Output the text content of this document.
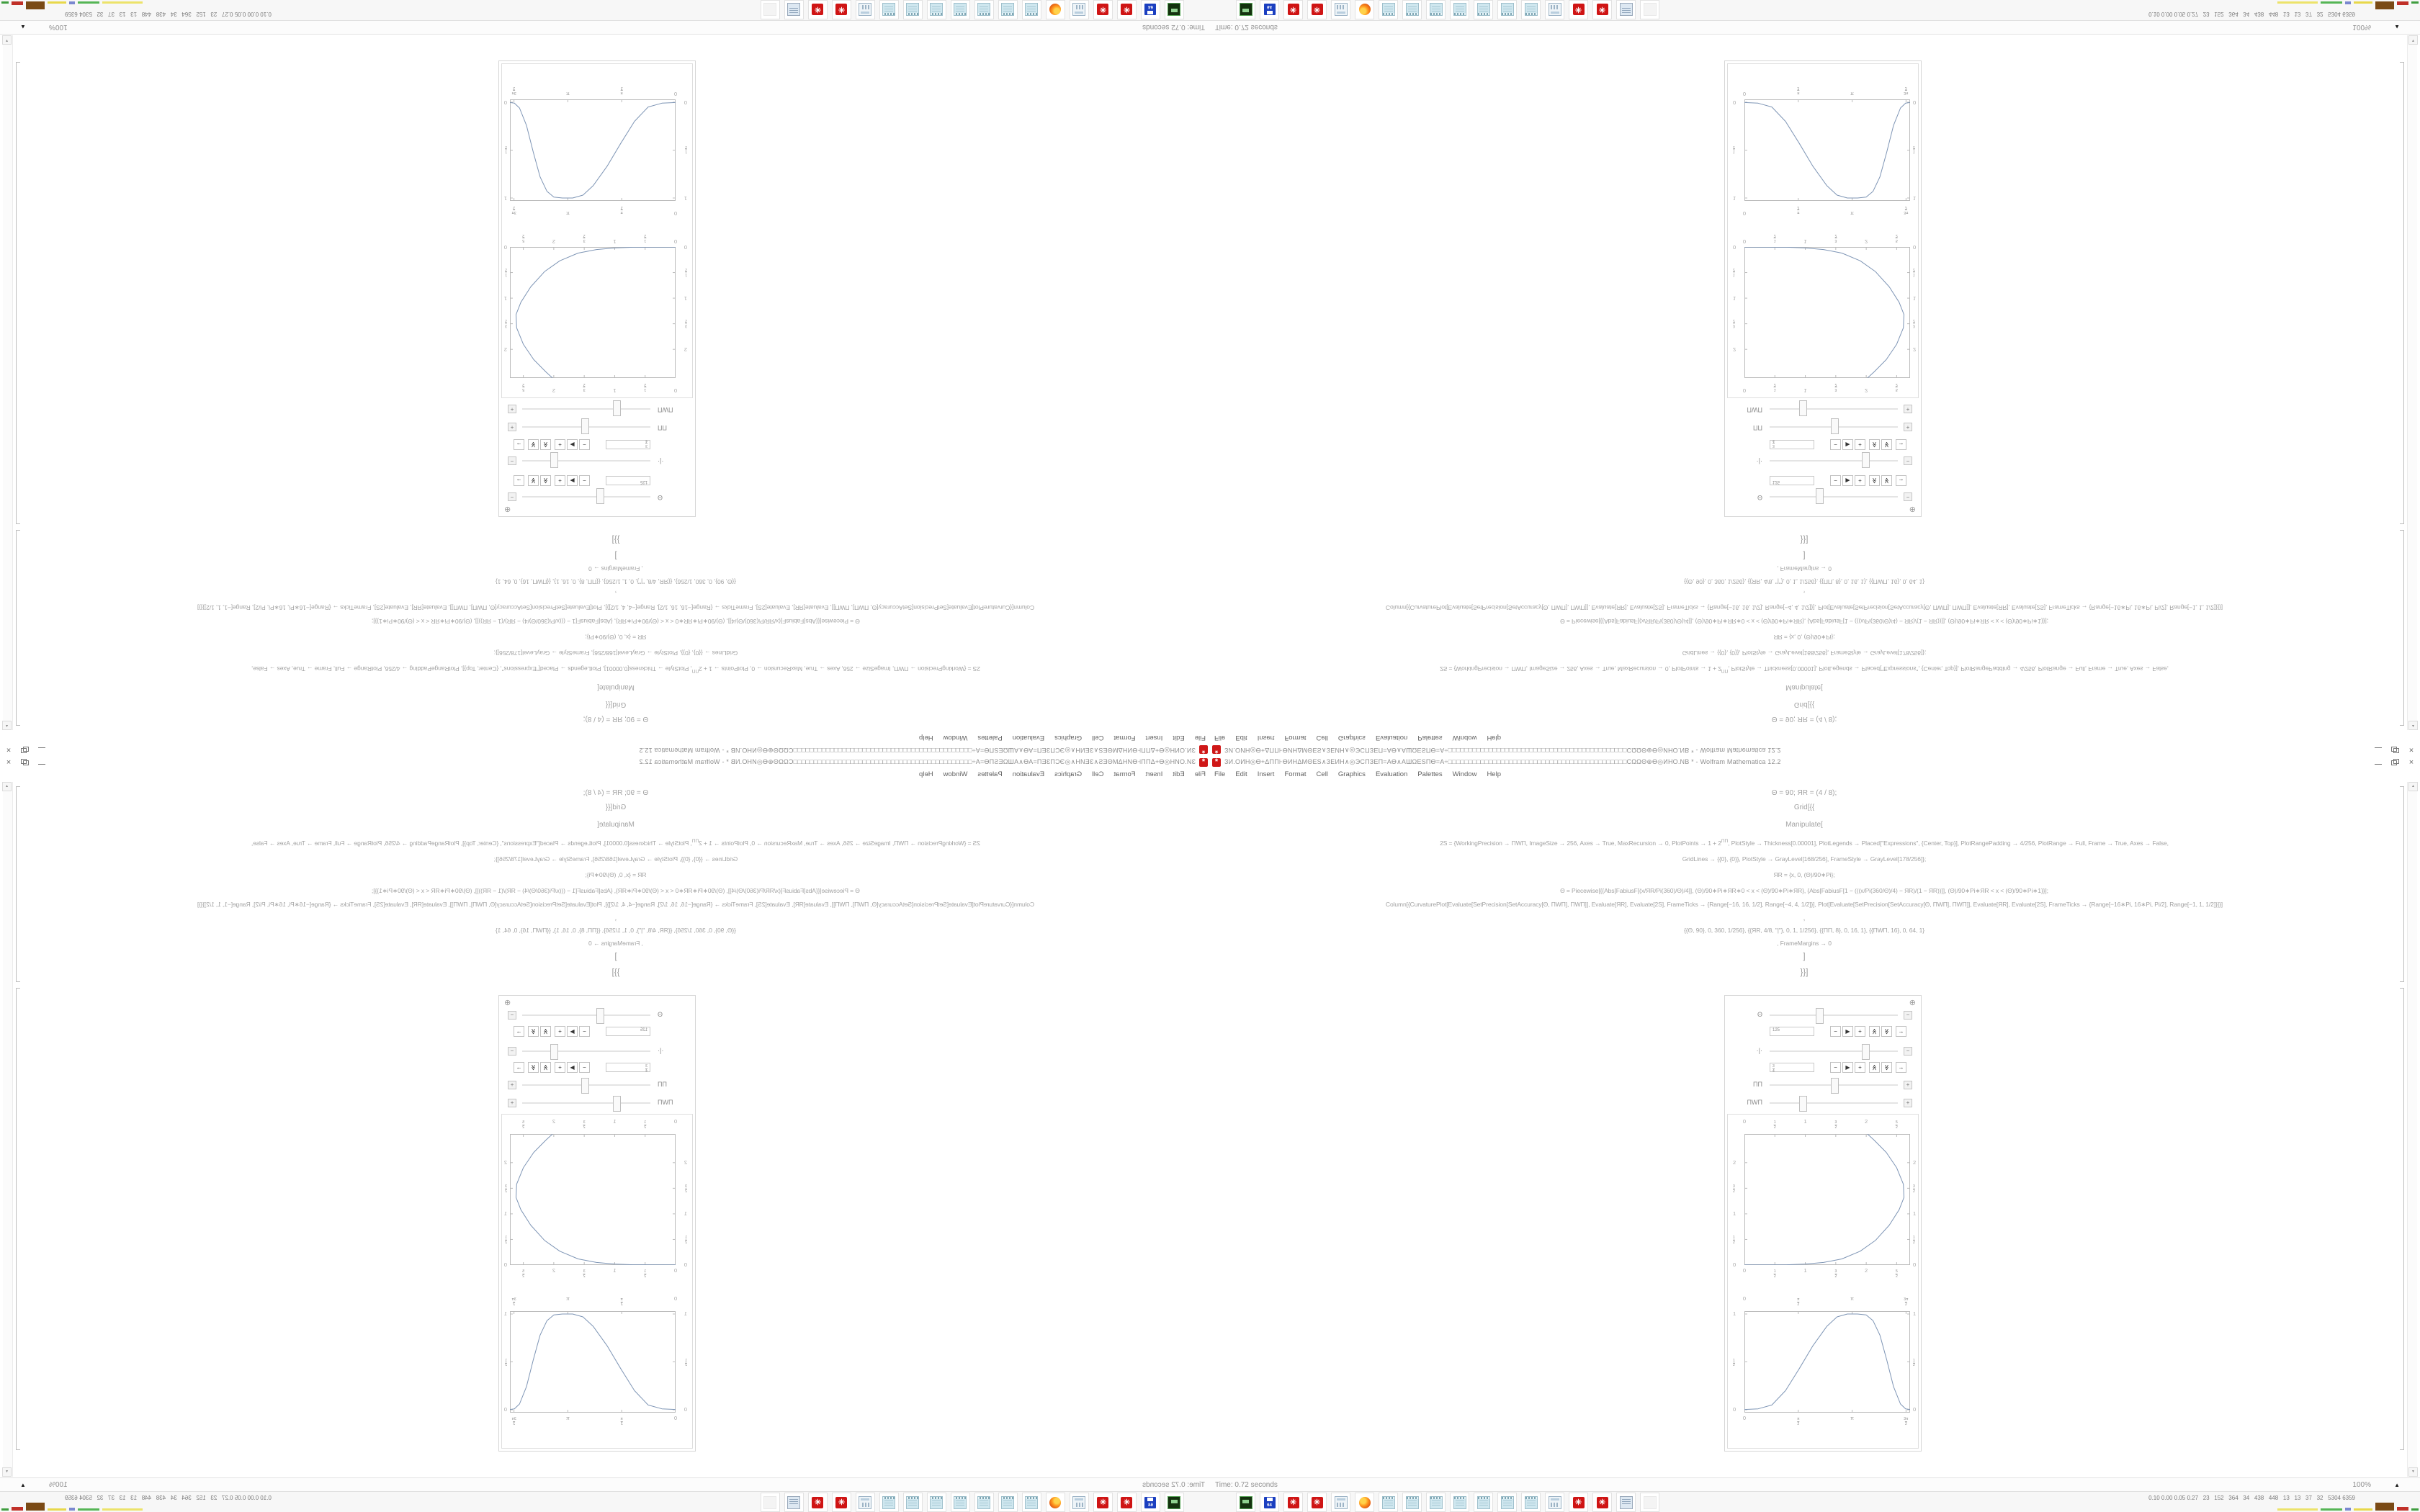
* ЗИ.ОИН◎Ѳ+ΔΠΠ⊦ѲИНΔΜΘΕЅ∧ЗЕИН∧◎ЭСПЗЕП=ΑѲ∧ΑШΩЕЅПѲ=Α÷□□□□□□□□□□□□□□□□□□□□□□□□□□□□□□□□□□□□□□□□□□□□CΩΩΘ⊕Ѳ◎ИНО.NB * - Wolfram Mathematica 12.2	×
File Edit Insert Format Cell Graphics Evaluation Palettes Window Help
Θ = 90; ЯR = (4 / 8);
Grid[{{
Manipulate[
2S = {WorkingPrecision → ΠWΠ, ImageSize → 256, Axes → True, MaxRecursion → 0, PlotPoints → $1 + 2^{\Pi\Pi}$, PlotStyle → Thickness[0.00001], PlotLegends → Placed["Expressions", {Center, Top}], PlotRangePadding → 4/256, PlotRange → Full, Frame → True, Axes → False,
GridLines → {{0}, {0}}, PlotStyle → GrayLevel[168/256], FrameStyle → GrayLevel[178/256]};
ЯR = {x, 0, (Θ)/90∗Pi};
Θ = Piecewise[{{Abs[FabiusF[(x/ЯR/Pi(360)/Θ)/4]], (Θ)/90∗Pi∗ЯR∗0 < x < (Θ)/90∗Pi∗ЯR}, {Abs[FabiusF[1 − (((x/Pi(360/Θ)/4) − ЯR)/(1 − ЯR))]], (Θ)/90∗Pi∗ЯR < x < (Θ)/90∗Pi∗1}}];
Column[{CurvaturePlot[Evaluate[SetPrecision[SetAccuracy[Θ, ΠWΠ], ΠWΠ]], Evaluate[ЯR], Evaluate[2S], FrameTicks → {Range[−16, 16, 1/2], Range[−4, 4, 1/2]}], Plot[Evaluate[SetPrecision[SetAccuracy[Θ, ΠWΠ], ΠWΠ]], Evaluate[ЯR], Evaluate[2S], FrameTicks → {Range[−16∗Pi, 16∗Pi, Pi/2], Range[−1, 1, 1/2]}]}]
,
{{Θ, 90}, 0, 360, 1/256}, {{ЯR, 4/8, "|"}, 0, 1, 1/256}, {{ΠΠ, 8}, 0, 16, 1}, {{ΠWΠ, 16}, 0, 64, 1}
, FrameMargins → 0
]
}}]
⊕
Θ	−
125	−	▶	+	≫	≫	→
·|·	−
$\frac{3}{4}$	−	▶	+	≫	≫	→
ΠΠ	+
ΠWΠ	+
0
0
$\frac{1}{2}$
$\frac{1}{2}$
1
1
$\frac{3}{2}$
$\frac{3}{2}$
2
2
$\frac{5}{2}$
$\frac{5}{2}$
0	0
$\frac{1}{2}$	$\frac{1}{2}$
1	1
$\frac{3}{2}$	$\frac{3}{2}$
2	2
0
0
$\frac{\pi}{2}$
$\frac{\pi}{2}$
π
π
$\frac{3\pi}{2}$
$\frac{3\pi}{2}$
0	0
$\frac{1}{2}$	$\frac{1}{2}$
1	1
▲
▼
Time: 0.72 seconds	100%	▲
64
✳
✳
✳
✳
0.10 0.00 0.05 0.27   23   152   364   34   438   448   13   13   37   32   5304 6359
*
ЗИ.ОИН◎Ѳ+ΔΠΠ⊦ѲИНΔΜΘΕЅ∧ЗЕИН∧◎ЭСПЗЕП=ΑѲ∧ΑШΩЕЅПѲ=Α÷□□□□□□□□□□□□□□□□□□□□□□□□□□□□□□□□□□□□□□□□□□□□CΩΩΘ⊕Ѳ◎ИНО.NB * - Wolfram Mathematica 12.2
×
File
Edit
Insert
Format
Cell
Graphics
Evaluation
Palettes
Window
Help
Θ = 90; ЯR = (4 / 8);
Grid[{{
Manipulate[
2S = {WorkingPrecision → ΠWΠ, ImageSize → 256, Axes → True, MaxRecursion → 0, PlotPoints → $1 + 2^{\Pi\Pi}$, PlotStyle → Thickness[0.00001], PlotLegends → Placed["Expressions", {Center, Top}], PlotRangePadding → 4/256, PlotRange → Full, Frame → True, Axes → False,
GridLines → {{0}, {0}}, PlotStyle → GrayLevel[168/256], FrameStyle → GrayLevel[178/256]};
ЯR = {x, 0, (Θ)/90∗Pi};
Θ = Piecewise[{{Abs[FabiusF[(x/ЯR/Pi(360)/Θ)/4]], (Θ)/90∗Pi∗ЯR∗0 < x < (Θ)/90∗Pi∗ЯR}, {Abs[FabiusF[1 − (((x/Pi(360/Θ)/4) − ЯR)/(1 − ЯR))]], (Θ)/90∗Pi∗ЯR < x < (Θ)/90∗Pi∗1}}];
Column[{CurvaturePlot[Evaluate[SetPrecision[SetAccuracy[Θ, ΠWΠ], ΠWΠ]], Evaluate[ЯR], Evaluate[2S], FrameTicks → {Range[−16, 16, 1/2], Range[−4, 4, 1/2]}], Plot[Evaluate[SetPrecision[SetAccuracy[Θ, ΠWΠ], ΠWΠ]], Evaluate[ЯR], Evaluate[2S], FrameTicks → {Range[−16∗Pi, 16∗Pi, Pi/2], Range[−1, 1, 1/2]}]}]
,
{{Θ, 90}, 0, 360, 1/256}, {{ЯR, 4/8, "|"}, 0, 1, 1/256}, {{ΠΠ, 8}, 0, 16, 1}, {{ΠWΠ, 16}, 0, 64, 1}
, FrameMargins → 0
]
}}]
⊕
Θ
−
125
−
▶
+
≫
≫
→
·|·
−
$\frac{3}{4}$
−
▶
+
≫
≫
→
ΠΠ
+
ΠWΠ
+
0
0
$\frac{1}{2}$
$\frac{1}{2}$
1
1
$\frac{3}{2}$
$\frac{3}{2}$
2
2
$\frac{5}{2}$
$\frac{5}{2}$
0
0
$\frac{1}{2}$
$\frac{1}{2}$
1
1
$\frac{3}{2}$
$\frac{3}{2}$
2
2
0
0
$\frac{\pi}{2}$
$\frac{\pi}{2}$
π
π
$\frac{3\pi}{2}$
$\frac{3\pi}{2}$
0
0
$\frac{1}{2}$
$\frac{1}{2}$
1
1
▲
▼
Time: 0.72 seconds
100%
▲
64
✳
✳
✳
✳
0.10 0.00 0.05 0.27   23   152   364   34   438   448   13   13   37   32   5304 6359
* ЗИ.ОИН◎Ѳ+ΔΠΠ⊦ѲИНΔΜΘΕЅ∧ЗЕИН∧◎ЭСПЗЕП=ΑѲ∧ΑШΩЕЅПѲ=Α÷□□□□□□□□□□□□□□□□□□□□□□□□□□□□□□□□□□□□□□□□□□□□CΩΩΘ⊕Ѳ◎ИНО.NB * - Wolfram Mathematica 12.2	×
File Edit Insert Format Cell Graphics Evaluation Palettes Window Help
Θ = 90; ЯR = (4 / 8);
Grid[{{
Manipulate[
2S = {WorkingPrecision → ΠWΠ, ImageSize → 256, Axes → True, MaxRecursion → 0, PlotPoints → $1 + 2^{\Pi\Pi}$, PlotStyle → Thickness[0.00001], PlotLegends → Placed["Expressions", {Center, Top}], PlotRangePadding → 4/256, PlotRange → Full, Frame → True, Axes → False,
GridLines → {{0}, {0}}, PlotStyle → GrayLevel[168/256], FrameStyle → GrayLevel[178/256]};
ЯR = {x, 0, (Θ)/90∗Pi};
Θ = Piecewise[{{Abs[FabiusF[(x/ЯR/Pi(360)/Θ)/4]], (Θ)/90∗Pi∗ЯR∗0 < x < (Θ)/90∗Pi∗ЯR}, {Abs[FabiusF[1 − (((x/Pi(360/Θ)/4) − ЯR)/(1 − ЯR))]], (Θ)/90∗Pi∗ЯR < x < (Θ)/90∗Pi∗1}}];
Column[{CurvaturePlot[Evaluate[SetPrecision[SetAccuracy[Θ, ΠWΠ], ΠWΠ]], Evaluate[ЯR], Evaluate[2S], FrameTicks → {Range[−16, 16, 1/2], Range[−4, 4, 1/2]}], Plot[Evaluate[SetPrecision[SetAccuracy[Θ, ΠWΠ], ΠWΠ]], Evaluate[ЯR], Evaluate[2S], FrameTicks → {Range[−16∗Pi, 16∗Pi, Pi/2], Range[−1, 1, 1/2]}]}]
,
{{Θ, 90}, 0, 360, 1/256}, {{ЯR, 4/8, "|"}, 0, 1, 1/256}, {{ΠΠ, 8}, 0, 16, 1}, {{ΠWΠ, 16}, 0, 64, 1}
, FrameMargins → 0
]
}}]
⊕
Θ	−
125	−	▶	+	≫	≫	→
·|·	−
3
4
−	▶	+	≫	≫	→
ΠΠ	+
ΠWΠ	+
0
0
1
2
1
2
1
1
3
2
3
2
2
2
5
2
5
2
0	0
1
2
1
2
1	1
3
2
3
2
2	2
0
0
π
2
π
2
π
π
3π
2
3π
2
0	0
1
2
1
2
1	1
▲
▼
Time: 0.72 seconds	100%	▲
64
✳
✳
✳
✳
0.10 0.00 0.05 0.27   23   152   364   34   438   448   13   13   37   32   5304 6359
*
ЗИ.ОИН◎Ѳ+ΔΠΠ⊦ѲИНΔΜΘΕЅ∧ЗЕИН∧◎ЭСПЗЕП=ΑѲ∧ΑШΩЕЅПѲ=Α÷□□□□□□□□□□□□□□□□□□□□□□□□□□□□□□□□□□□□□□□□□□□□CΩΩΘ⊕Ѳ◎ИНО.NB * - Wolfram Mathematica 12.2
×
File
Edit
Insert
Format
Cell
Graphics
Evaluation
Palettes
Window
Help
Θ = 90; ЯR = (4 / 8);
Grid[{{
Manipulate[
2S = {WorkingPrecision → ΠWΠ, ImageSize → 256, Axes → True, MaxRecursion → 0, PlotPoints → $1 + 2^{\Pi\Pi}$, PlotStyle → Thickness[0.00001], PlotLegends → Placed["Expressions", {Center, Top}], PlotRangePadding → 4/256, PlotRange → Full, Frame → True, Axes → False,
GridLines → {{0}, {0}}, PlotStyle → GrayLevel[168/256], FrameStyle → GrayLevel[178/256]};
ЯR = {x, 0, (Θ)/90∗Pi};
Θ = Piecewise[{{Abs[FabiusF[(x/ЯR/Pi(360)/Θ)/4]], (Θ)/90∗Pi∗ЯR∗0 < x < (Θ)/90∗Pi∗ЯR}, {Abs[FabiusF[1 − (((x/Pi(360/Θ)/4) − ЯR)/(1 − ЯR))]], (Θ)/90∗Pi∗ЯR < x < (Θ)/90∗Pi∗1}}];
Column[{CurvaturePlot[Evaluate[SetPrecision[SetAccuracy[Θ, ΠWΠ], ΠWΠ]], Evaluate[ЯR], Evaluate[2S], FrameTicks → {Range[−16, 16, 1/2], Range[−4, 4, 1/2]}], Plot[Evaluate[SetPrecision[SetAccuracy[Θ, ΠWΠ], ΠWΠ]], Evaluate[ЯR], Evaluate[2S], FrameTicks → {Range[−16∗Pi, 16∗Pi, Pi/2], Range[−1, 1, 1/2]}]}]
,
{{Θ, 90}, 0, 360, 1/256}, {{ЯR, 4/8, "|"}, 0, 1, 1/256}, {{ΠΠ, 8}, 0, 16, 1}, {{ΠWΠ, 16}, 0, 64, 1}
, FrameMargins → 0
]
}}]
⊕
Θ
−
125
−
▶
+
≫
≫
→
·|·
−
3
4
−
▶
+
≫
≫
→
ΠΠ
+
ΠWΠ
+
0
0
1
2
1
2
1
1
3
2
3
2
2
2
5
2
5
2
0
0
1
2
1
2
1
1
3
2
3
2
2
2
0
0
π
2
π
2
π
π
3π
2
3π
2
0
0
1
2
1
2
1
1
▲
▼
Time: 0.72 seconds
100%
▲
64
✳
✳
✳
✳
0.10 0.00 0.05 0.27   23   152   364   34   438   448   13   13   37   32   5304 6359
